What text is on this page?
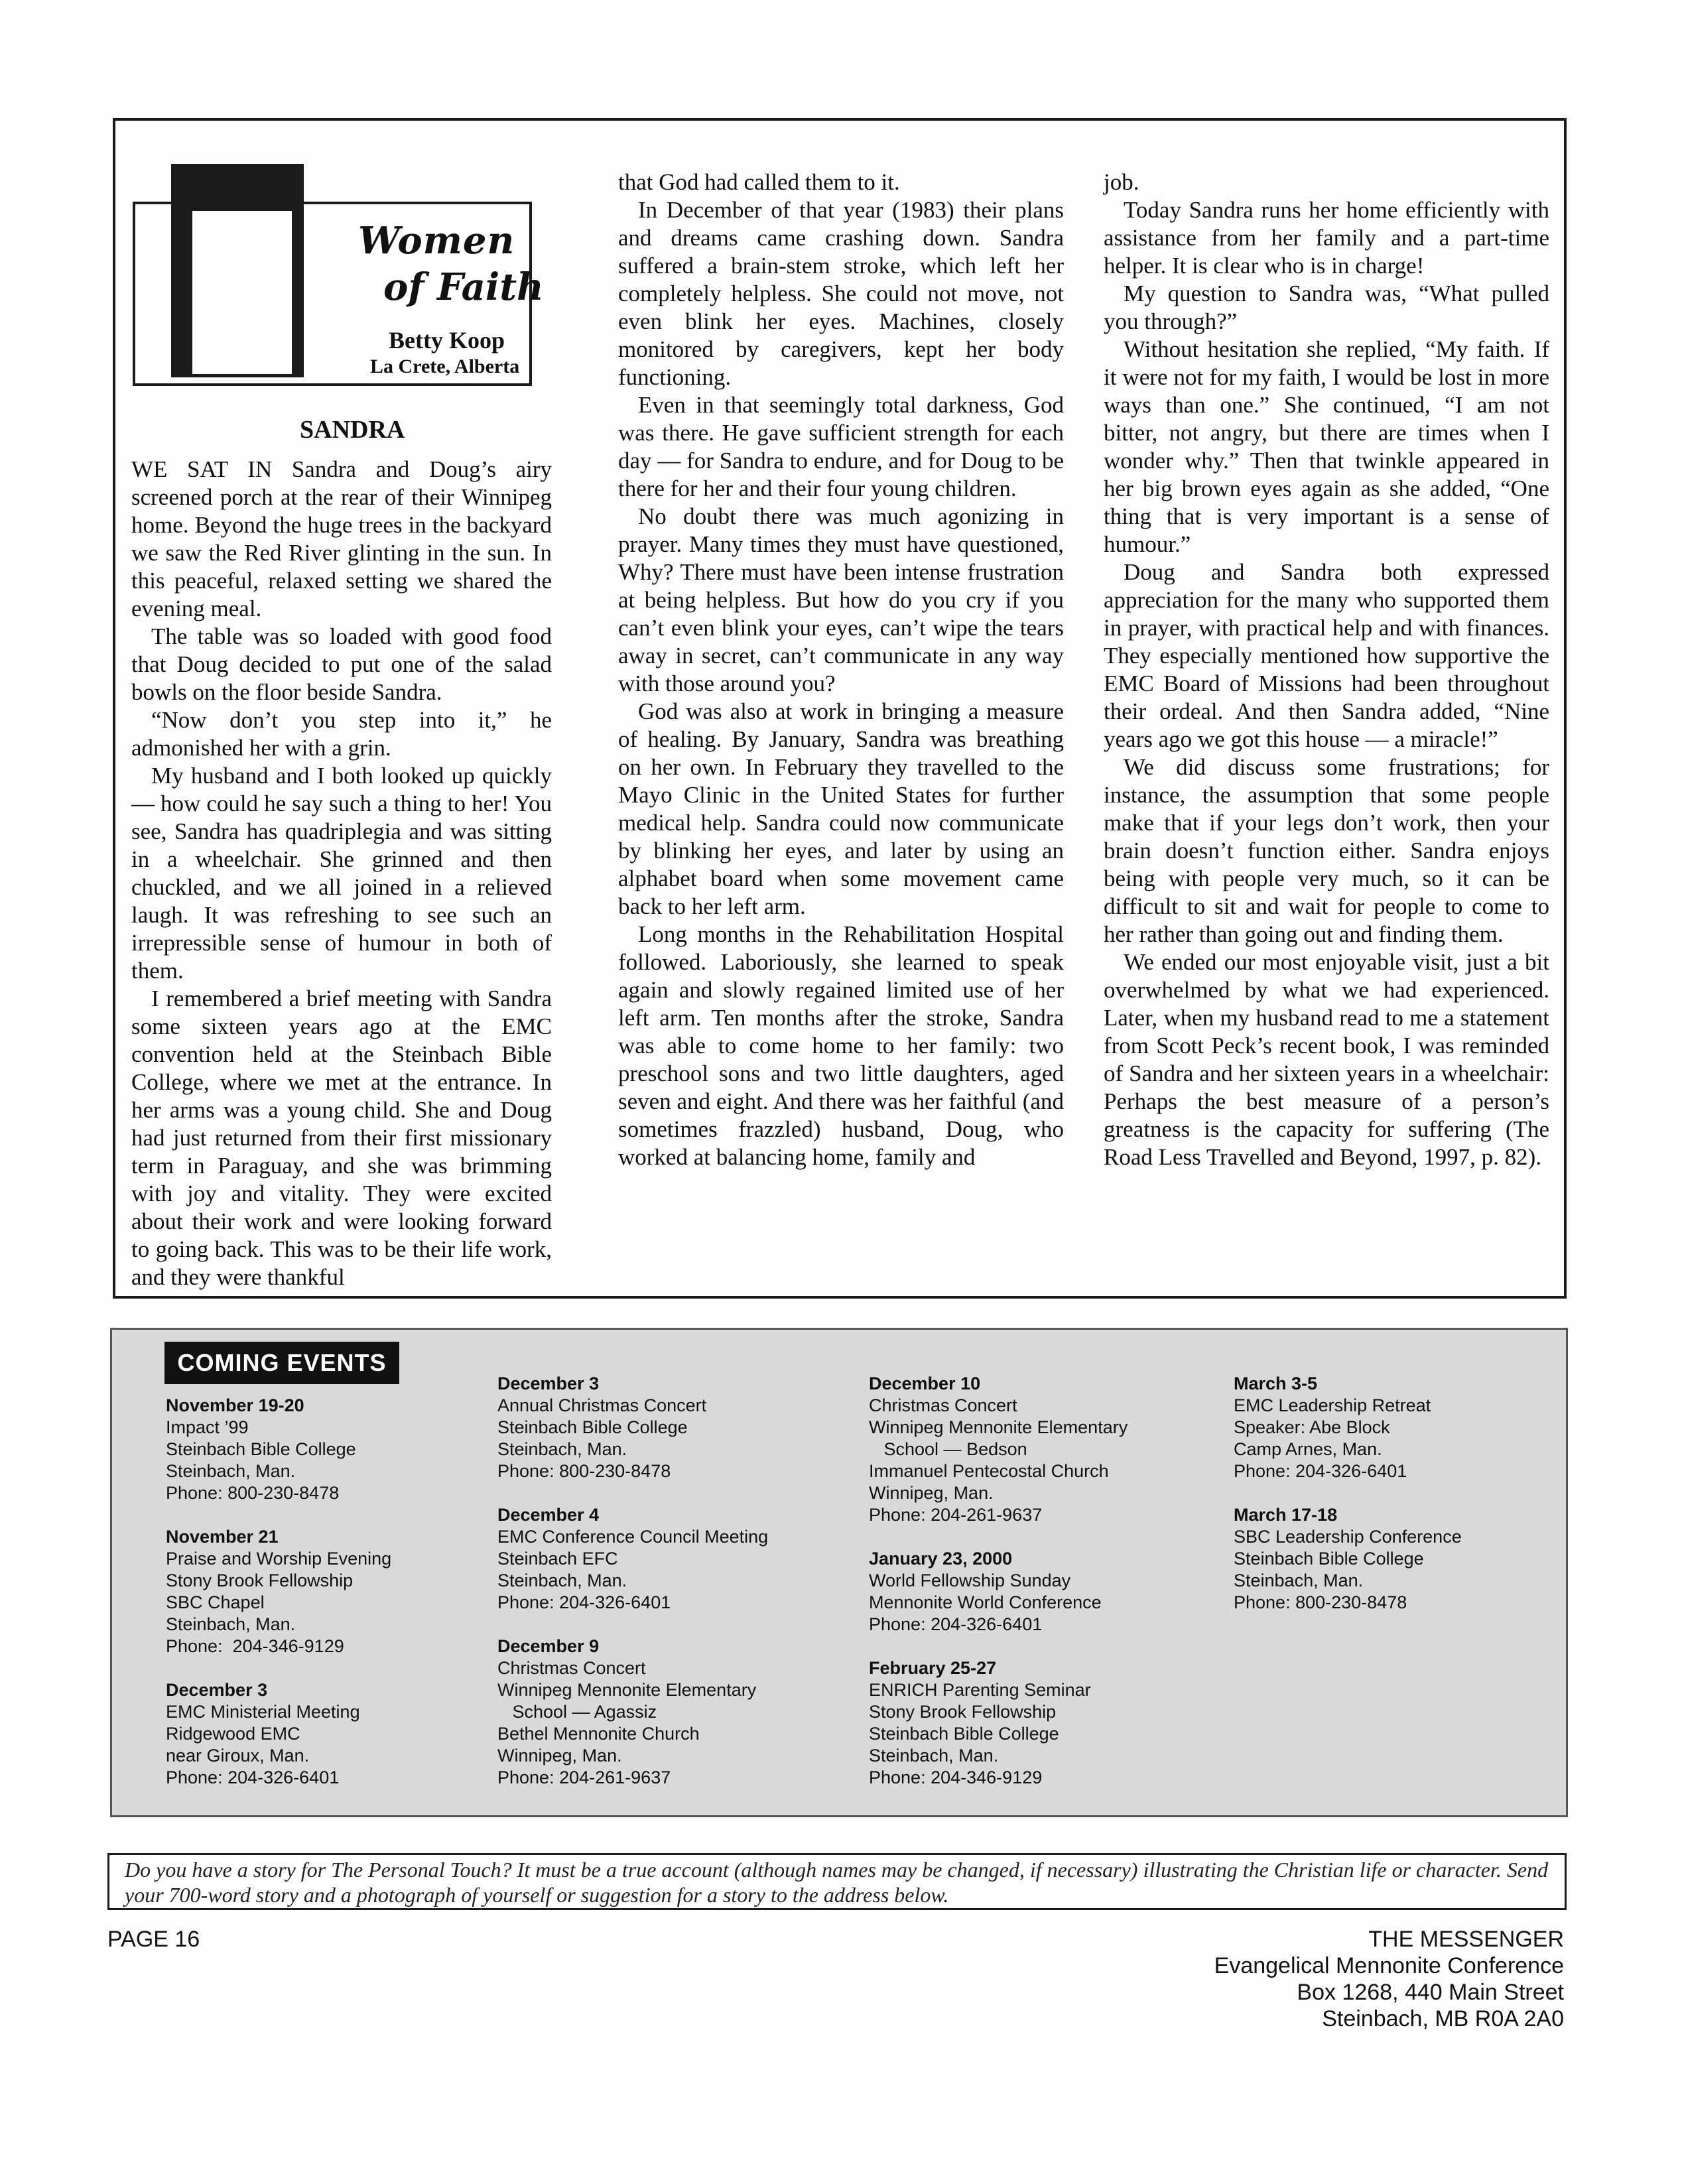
WE SAT IN Sandra and Doug’s airy screened porch at the rear of their Winnipeg home. Beyond the huge trees in the backyard we saw the Red River glinting in the sun. In this peaceful, relaxed setting we shared the evening meal.

The table was so loaded with good food that Doug decided to put one of the salad bowls on the floor beside Sandra.

“Now don’t you step into it,” he admonished her with a grin.

My husband and I both looked up quickly — how could he say such a thing to her! You see, Sandra has quadriplegia and was sitting in a wheelchair. She grinned and then chuckled, and we all joined in a relieved laugh. It was refreshing to see such an irrepressible sense of humour in both of them.

I remembered a brief meeting with Sandra some sixteen years ago at the EMC convention held at the Steinbach Bible College, where we met at the entrance. In her arms was a young child. She and Doug had just returned from their first missionary term in Paraguay, and she was brimming with joy and vitality. They were excited about their work and were looking forward to going back. This was to be their life work, and they were thankful

that God had called them to it.

In December of that year (1983) their plans and dreams came crashing down. Sandra suffered a brain-stem stroke, which left her completely helpless. She could not move, not even blink her eyes. Machines, closely monitored by caregivers, kept her body functioning.

Even in that seemingly total darkness, God was there. He gave sufficient strength for each day — for Sandra to endure, and for Doug to be there for her and their four young children.

No doubt there was much agonizing in prayer. Many times they must have questioned, Why? There must have been intense frustration at being helpless. But how do you cry if you can’t even blink your eyes, can’t wipe the tears away in secret, can’t communicate in any way with those around you?

God was also at work in bringing a measure of healing. By January, Sandra was breathing on her own. In February they travelled to the Mayo Clinic in the United States for further medical help. Sandra could now communicate by blinking her eyes, and later by using an alphabet board when some movement came back to her left arm.

Long months in the Rehabilitation Hospital followed. Laboriously, she learned to speak again and slowly regained limited use of her left arm. Ten months after the stroke, Sandra was able to come home to her family: two preschool sons and two little daughters, aged seven and eight. And there was her faithful (and sometimes frazzled) husband, Doug, who worked at balancing home, family and

job.

Today Sandra runs her home efficiently with assistance from her family and a part-time helper. It is clear who is in charge!

My question to Sandra was, “What pulled you through?”

Without hesitation she replied, “My faith. If it were not for my faith, I would be lost in more ways than one.” She continued, “I am not bitter, not angry, but there are times when I wonder why.” Then that twinkle appeared in her big brown eyes again as she added, “One thing that is very important is a sense of humour.”

Doug and Sandra both expressed appreciation for the many who supported them in prayer, with practical help and with finances. They especially mentioned how supportive the EMC Board of Missions had been throughout their ordeal. And then Sandra added, “Nine years ago we got this house — a miracle!”

We did discuss some frustrations; for instance, the assumption that some people make that if your legs don’t work, then your brain doesn’t function either. Sandra enjoys being with people very much, so it can be difficult to sit and wait for people to come to her rather than going out and finding them.

We ended our most enjoyable visit, just a bit overwhelmed by what we had experienced. Later, when my husband read to me a statement from Scott Peck’s recent book, I was reminded of Sandra and her sixteen years in a wheelchair: Perhaps the best measure of a person’s greatness is the capacity for suffering (The Road Less Travelled and Beyond, 1997, p. 82).

Women
of Faith
Betty Koop
La Crete, Alberta
SANDRA
COMING EVENTS
November 19-20
Impact ’99
Steinbach Bible College
Steinbach, Man.
Phone: 800-230-8478
November 21
Praise and Worship Evening
Stony Brook Fellowship
SBC Chapel
Steinbach, Man.
Phone:  204-346-9129
December 3
EMC Ministerial Meeting
Ridgewood EMC
near Giroux, Man.
Phone: 204-326-6401
December 3
Annual Christmas Concert
Steinbach Bible College
Steinbach, Man.
Phone: 800-230-8478
December 4
EMC Conference Council Meeting
Steinbach EFC
Steinbach, Man.
Phone: 204-326-6401
December 9
Christmas Concert
Winnipeg Mennonite Elementary
School — Agassiz
Bethel Mennonite Church
Winnipeg, Man.
Phone: 204-261-9637
December 10
Christmas Concert
Winnipeg Mennonite Elementary
School — Bedson
Immanuel Pentecostal Church
Winnipeg, Man.
Phone: 204-261-9637
January 23, 2000
World Fellowship Sunday
Mennonite World Conference
Phone: 204-326-6401
February 25-27
ENRICH Parenting Seminar
Stony Brook Fellowship
Steinbach Bible College
Steinbach, Man.
Phone: 204-346-9129
March 3-5
EMC Leadership Retreat
Speaker: Abe Block
Camp Arnes, Man.
Phone: 204-326-6401
March 17-18
SBC Leadership Conference
Steinbach Bible College
Steinbach, Man.
Phone: 800-230-8478
Do you have a story for The Personal Touch? It must be a true account (although names may be changed, if necessary) illustrating the Christian life or character. Send your 700-word story and a photograph of yourself or suggestion for a story to the address below.
PAGE 16	THE MESSENGER
Evangelical Mennonite Conference
Box 1268, 440 Main Street
Steinbach, MB R0A 2A0
